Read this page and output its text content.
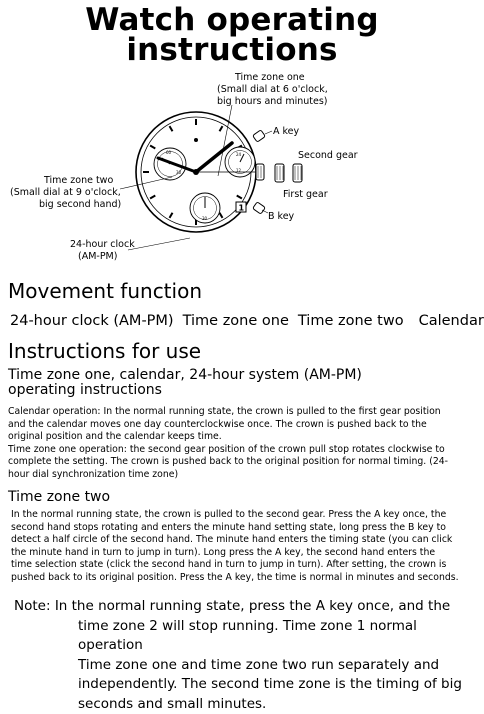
Watch operating
instructions
60
30
24
12
30
1
Time zone one (Small dial at 6 o'clock, big hours and minutes)
Time zone two (Small dial at 9 o'clock, big second hand)
24-hour clock (AM-PM)
A key
B key
Second gear
First gear
Movement function
24-hour clock (AM-PM) Time zone one Time zone two Calendar
Instructions for use
Time zone one, calendar, 24-hour system (AM-PM)
operating instructions
Calendar operation: In the normal running state, the crown is pulled to the first gear position and the calendar moves one day counterclockwise once. The crown is pushed back to the original position and the calendar keeps time.
Time zone one operation: the second gear position of the crown pull stop rotates clockwise to complete the setting. The crown is pushed back to the original position for normal timing. (24-hour dial synchronization time zone)
Time zone two
In the normal running state, the crown is pulled to the second gear. Press the A key once, the second hand stops rotating and enters the minute hand setting state, long press the B key to detect a half circle of the second hand. The minute hand enters the timing state (you can click the minute hand in turn to jump in turn). Long press the A key, the second hand enters the time selection state (click the second hand in turn to jump in turn). After setting, the crown is pushed back to its original position. Press the A key, the time is normal in minutes and seconds.
Note: In the normal running state, press the A key once, and the
time zone 2 will stop running. Time zone 1 normal operation
Time zone one and time zone two run separately and
independently. The second time zone is the timing of big
seconds and small minutes.
